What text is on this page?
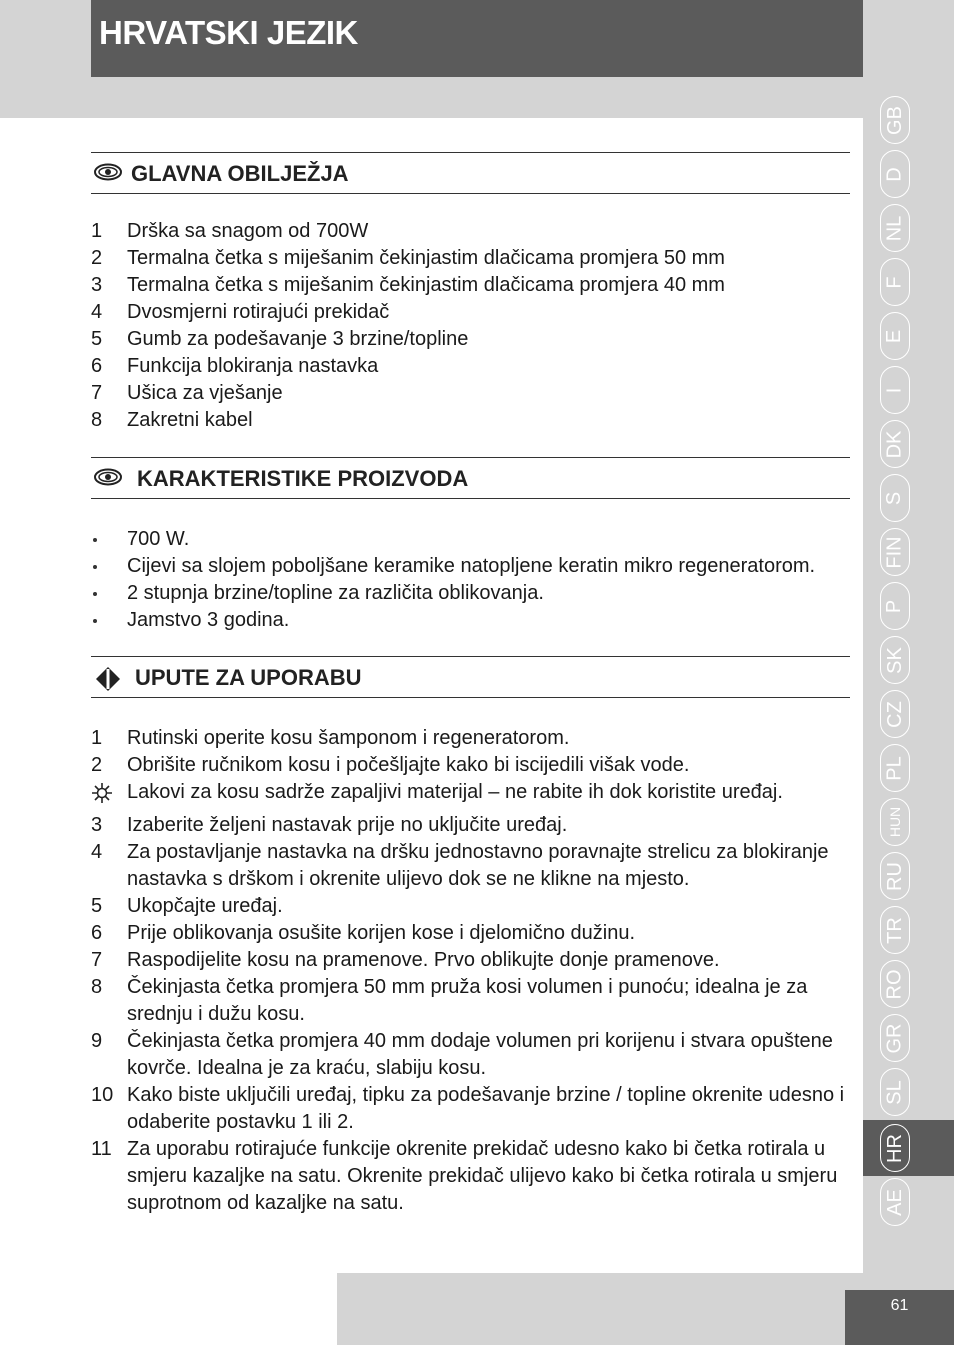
HRVATSKI JEZIK
GLAVNA OBILJEŽJA
1	Drška sa snagom od 700W
2	Termalna četka s miješanim čekinjastim dlačicama promjera 50 mm
3	Termalna četka s miješanim čekinjastim dlačicama promjera 40 mm
4	Dvosmjerni rotirajući prekidač
5	Gumb za podešavanje 3 brzine/topline
6	Funkcija blokiranja nastavka
7	Ušica za vješanje
8	Zakretni kabel
KARAKTERISTIKE PROIZVODA
700 W.
Cijevi sa slojem poboljšane keramike natopljene keratin mikro regeneratorom.
2 stupnja brzine/topline za različita oblikovanja.
Jamstvo 3 godina.
UPUTE ZA UPORABU
1	Rutinski operite kosu šamponom i regeneratorom.
2	Obrišite ručnikom kosu i počešljajte kako bi iscijedili višak vode.
Lakovi za kosu sadrže zapaljivi materijal – ne rabite ih dok koristite uređaj.
3	Izaberite željeni nastavak prije no uključite uređaj.
4	Za postavljanje nastavka na dršku jednostavno poravnajte strelicu za blokiranje nastavka s drškom i okrenite ulijevo dok se ne klikne na mjesto.
5	Ukopčajte uređaj.
6	Prije oblikovanja osušite korijen kose i djelomično dužinu.
7	Raspodijelite kosu na pramenove. Prvo oblikujte donje pramenove.
8	Čekinjasta četka promjera 50 mm pruža kosi volumen i punoću; idealna je za srednju i dužu kosu.
9	Čekinjasta četka promjera 40 mm dodaje volumen pri korijenu i stvara opuštene kovrče. Idealna je za kraću, slabiju kosu.
10 Kako biste uključili uređaj, tipku za podešavanje brzine / topline okrenite udesno i odaberite postavku 1 ili 2.
11 Za uporabu rotirajuće funkcije okrenite prekidač udesno kako bi četka rotirala u smjeru kazaljke na satu. Okrenite prekidač ulijevo kako bi četka rotirala u smjeru suprotnom od kazaljke na satu.
GB
D
NL
F
E
I
DK
S
FIN
P
SK
CZ
PL
HUN
RU
TR
RO
GR
SL
HR
AE
61
